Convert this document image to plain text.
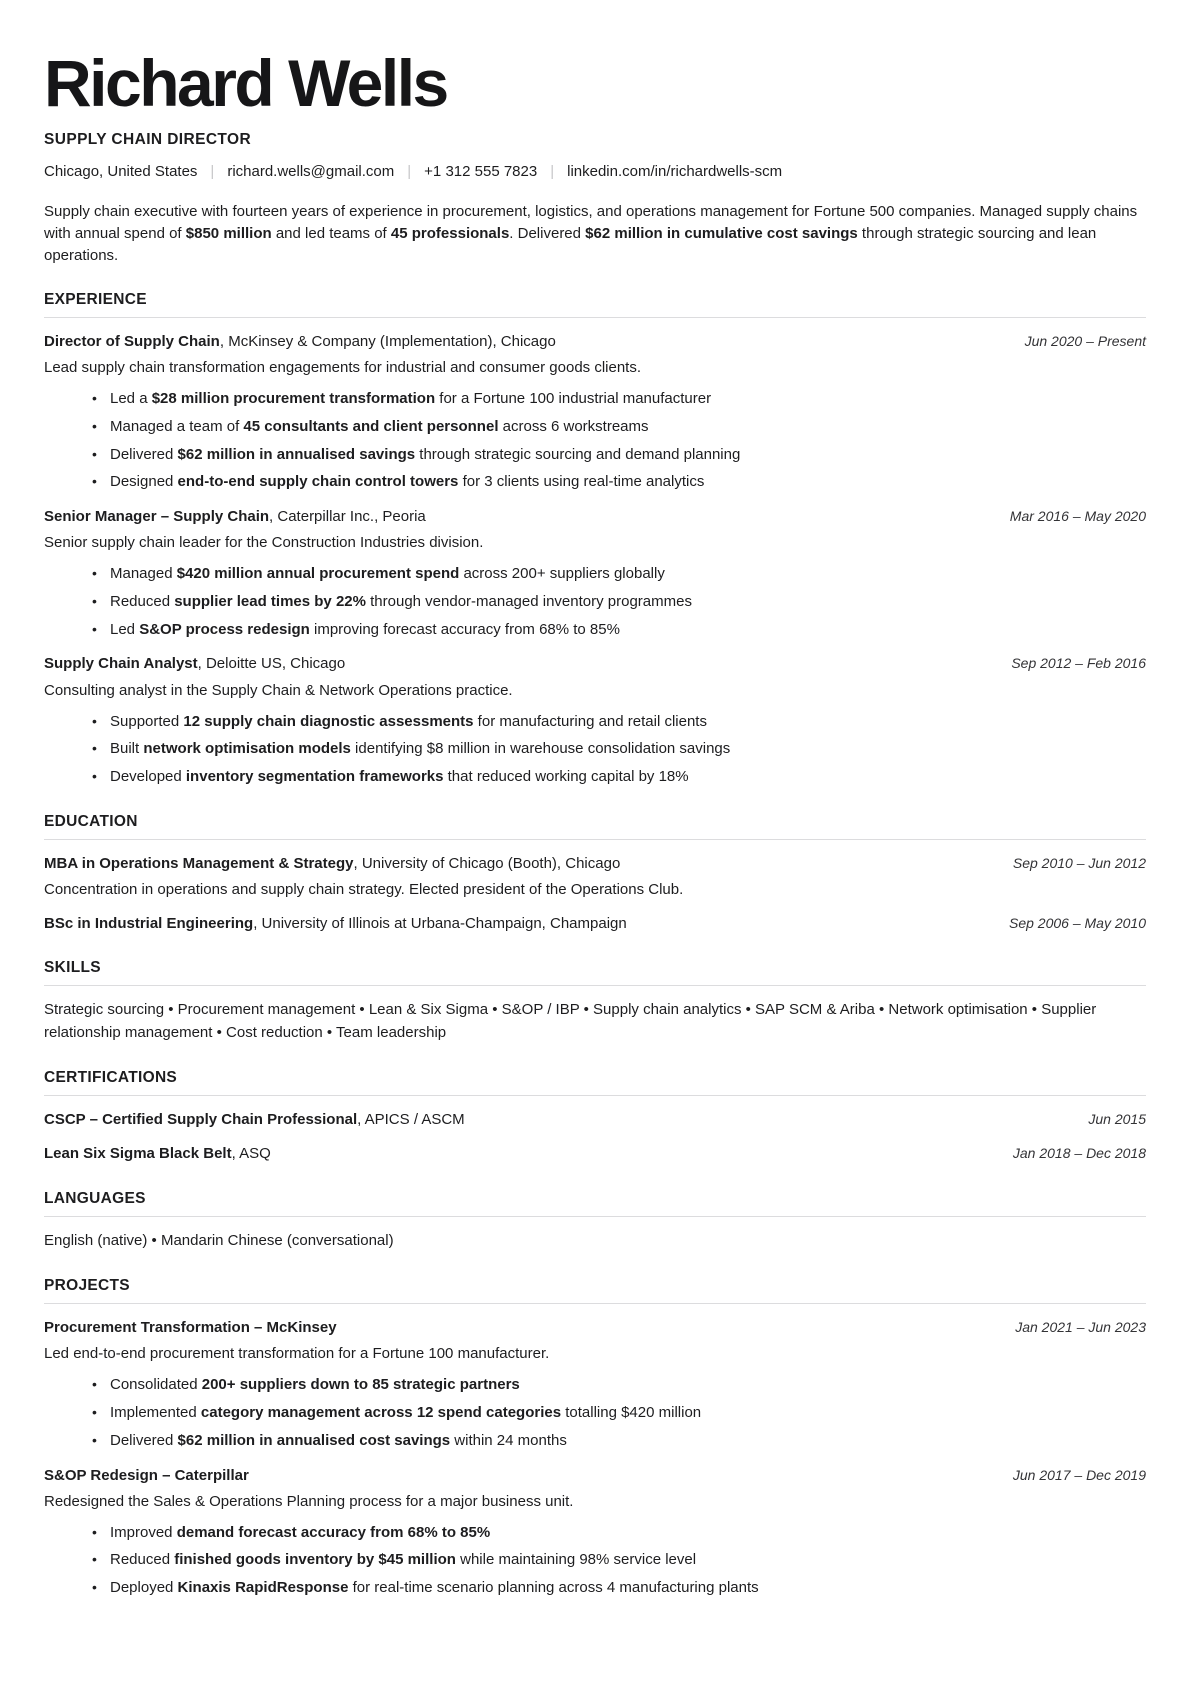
Richard Wells
SUPPLY CHAIN DIRECTOR
Chicago, United States | richard.wells@gmail.com | +1 312 555 7823 | linkedin.com/in/richardwells-scm

Supply chain executive with fourteen years of experience in procurement, logistics, and operations management for Fortune 500 companies. Managed supply chains with annual spend of $850 million and led teams of 45 professionals. Delivered $62 million in cumulative cost savings through strategic sourcing and lean operations.

EXPERIENCE
Director of Supply Chain, McKinsey & Company (Implementation), Chicago	Jun 2020 – Present
Lead supply chain transformation engagements for industrial and consumer goods clients.
• Led a $28 million procurement transformation for a Fortune 100 industrial manufacturer
• Managed a team of 45 consultants and client personnel across 6 workstreams
• Delivered $62 million in annualised savings through strategic sourcing and demand planning
• Designed end-to-end supply chain control towers for 3 clients using real-time analytics
Senior Manager – Supply Chain, Caterpillar Inc., Peoria	Mar 2016 – May 2020
Senior supply chain leader for the Construction Industries division.
• Managed $420 million annual procurement spend across 200+ suppliers globally
• Reduced supplier lead times by 22% through vendor-managed inventory programmes
• Led S&OP process redesign improving forecast accuracy from 68% to 85%
Supply Chain Analyst, Deloitte US, Chicago	Sep 2012 – Feb 2016
Consulting analyst in the Supply Chain & Network Operations practice.
• Supported 12 supply chain diagnostic assessments for manufacturing and retail clients
• Built network optimisation models identifying $8 million in warehouse consolidation savings
• Developed inventory segmentation frameworks that reduced working capital by 18%
EDUCATION
MBA in Operations Management & Strategy, University of Chicago (Booth), Chicago	Sep 2010 – Jun 2012
Concentration in operations and supply chain strategy. Elected president of the Operations Club.
BSc in Industrial Engineering, University of Illinois at Urbana-Champaign, Champaign	Sep 2006 – May 2010
SKILLS

Strategic sourcing • Procurement management • Lean & Six Sigma • S&OP / IBP • Supply chain analytics • SAP SCM & Ariba • Network optimisation • Supplier relationship management • Cost reduction • Team leadership

CERTIFICATIONS
CSCP – Certified Supply Chain Professional, APICS / ASCM	Jun 2015
Lean Six Sigma Black Belt, ASQ	Jan 2018 – Dec 2018
LANGUAGES

English (native) • Mandarin Chinese (conversational)

PROJECTS
Procurement Transformation – McKinsey	Jan 2021 – Jun 2023
Led end-to-end procurement transformation for a Fortune 100 manufacturer.
• Consolidated 200+ suppliers down to 85 strategic partners
• Implemented category management across 12 spend categories totalling $420 million
• Delivered $62 million in annualised cost savings within 24 months
S&OP Redesign – Caterpillar	Jun 2017 – Dec 2019
Redesigned the Sales & Operations Planning process for a major business unit.
• Improved demand forecast accuracy from 68% to 85%
• Reduced finished goods inventory by $45 million while maintaining 98% service level
• Deployed Kinaxis RapidResponse for real-time scenario planning across 4 manufacturing plants
